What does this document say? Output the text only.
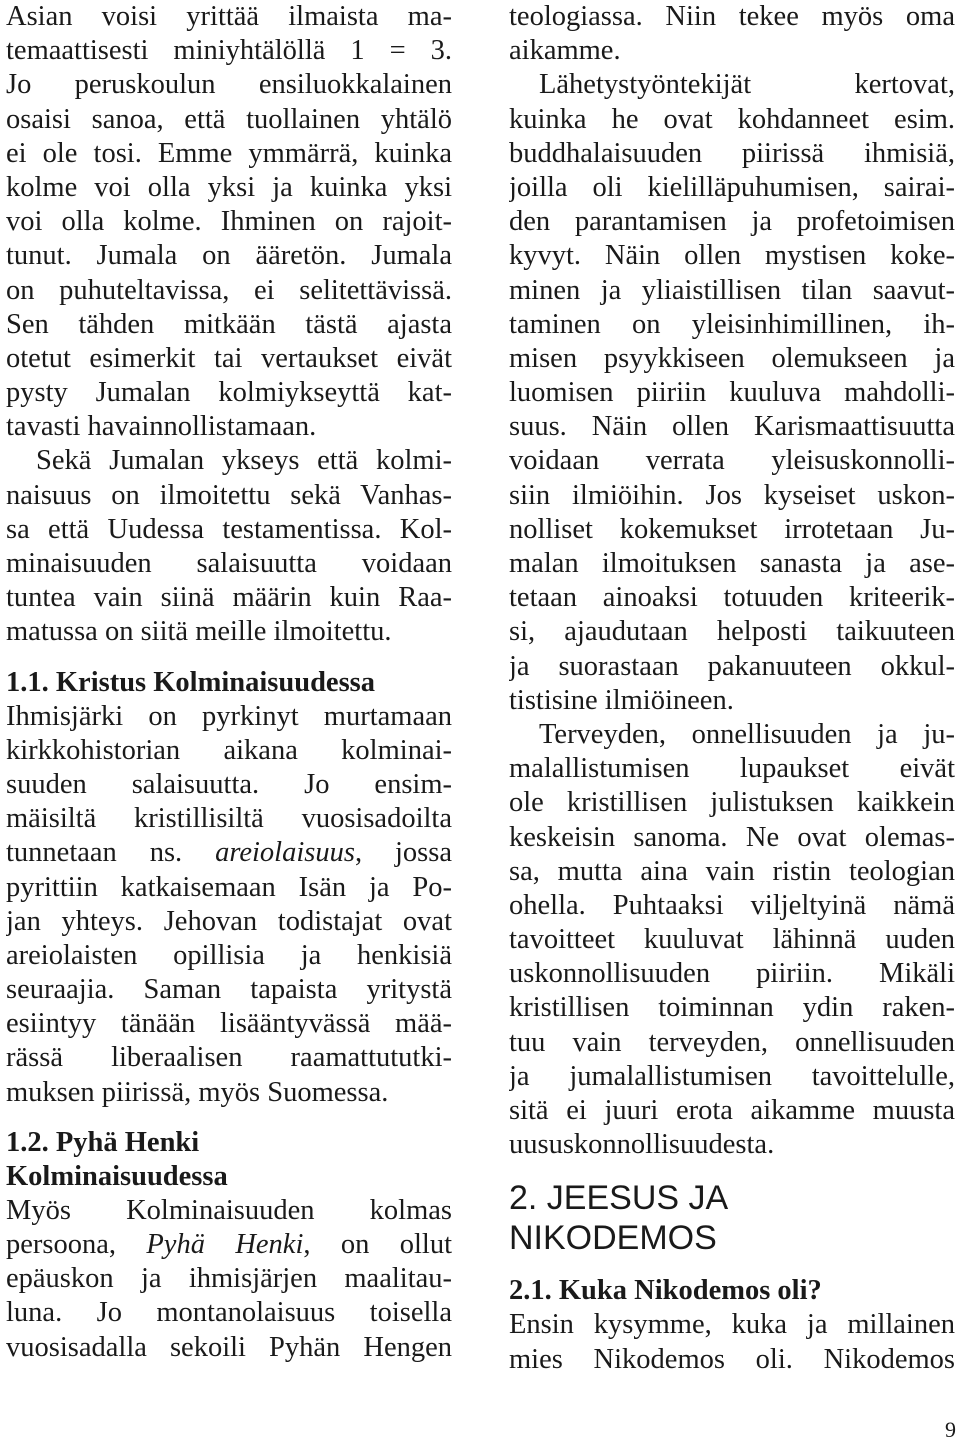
Asian voisi yrittää ilmaista ma-
temaattisesti miniyhtälöllä 1 = 3.
Jo peruskoulun ensiluokkalainen
osaisi sanoa, että tuollainen yhtälö
ei ole tosi. Emme ymmärrä, kuinka
kolme voi olla yksi ja kuinka yksi
voi olla kolme. Ihminen on rajoit-
tunut. Jumala on ääretön. Jumala
on puhuteltavissa, ei selitettävissä.
Sen tähden mitkään tästä ajasta
otetut esimerkit tai vertaukset eivät
pysty Jumalan kolmiykseyttä kat-
tavasti havainnollistamaan.
Sekä Jumalan ykseys että kolmi-
naisuus on ilmoitettu sekä Vanhas-
sa että Uudessa testamentissa. Kol-
minaisuuden salaisuutta voidaan
tuntea vain siinä määrin kuin Raa-
matussa on siitä meille ilmoitettu.
1.1. Kristus Kolminaisuudessa
Ihmisjärki on pyrkinyt murtamaan
kirkkohistorian aikana kolminai-
suuden salaisuutta. Jo ensim-
mäisiltä kristillisiltä vuosisadoilta
tunnetaan ns. areiolaisuus, jossa
pyrittiin katkaisemaan Isän ja Po-
jan yhteys. Jehovan todistajat ovat
areiolaisten opillisia ja henkisiä
seuraajia. Saman tapaista yritystä
esiintyy tänään lisääntyvässä mää-
rässä liberaalisen raamattututki-
muksen piirissä, myös Suomessa.
1.2. Pyhä Henki
Kolminaisuudessa
Myös Kolminaisuuden kolmas
persoona, Pyhä Henki, on ollut
epäuskon ja ihmisjärjen maalitau-
luna. Jo montanolaisuus toisella
vuosisadalla sekoili Pyhän Hengen
teologiassa. Niin tekee myös oma
aikamme.
Lähetystyöntekijät kertovat,
kuinka he ovat kohdanneet esim.
buddhalaisuuden piirissä ihmisiä,
joilla oli kielilläpuhumisen, sairai-
den parantamisen ja profetoimisen
kyvyt. Näin ollen mystisen koke-
minen ja yliaistillisen tilan saavut-
taminen on yleisinhimillinen, ih-
misen psyykkiseen olemukseen ja
luomisen piiriin kuuluva mahdolli-
suus. Näin ollen Karismaattisuutta
voidaan verrata yleisuskonnolli-
siin ilmiöihin. Jos kyseiset uskon-
nolliset kokemukset irrotetaan Ju-
malan ilmoituksen sanasta ja ase-
tetaan ainoaksi totuuden kriteerik-
si, ajaudutaan helposti taikuuteen
ja suorastaan pakanuuteen okkul-
tistisine ilmiöineen.
Terveyden, onnellisuuden ja ju-
malallistumisen lupaukset eivät
ole kristillisen julistuksen kaikkein
keskeisin sanoma. Ne ovat olemas-
sa, mutta aina vain ristin teologian
ohella. Puhtaaksi viljeltyinä nämä
tavoitteet kuuluvat lähinnä uuden
uskonnollisuuden piiriin. Mikäli
kristillisen toiminnan ydin raken-
tuu vain terveyden, onnellisuuden
ja jumalallistumisen tavoittelulle,
sitä ei juuri erota aikamme muusta
uususkonnollisuudesta.
2. JEESUS JA
NIKODEMOS
2.1. Kuka Nikodemos oli?
Ensin kysymme, kuka ja millainen
mies Nikodemos oli. Nikodemos
9
